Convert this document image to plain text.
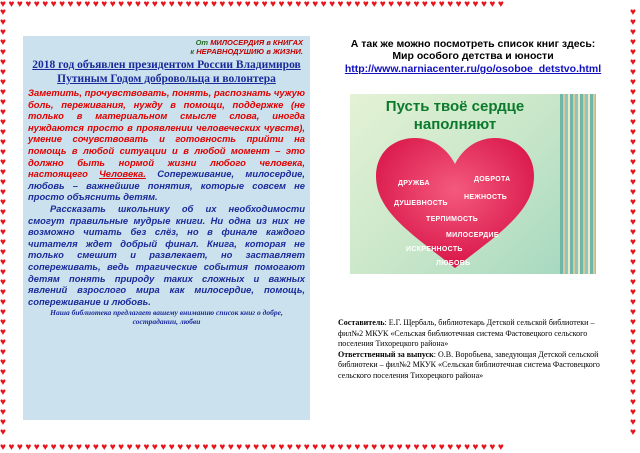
♥ ♥ ♥ ♥ ♥ ♥ ♥ ♥ ♥ ♥ ♥ ♥ ♥ ♥ ♥ ♥ ♥ ♥ ♥ ♥ ♥ ♥ ♥ ♥ ♥ ♥ ♥ ♥ ♥ ♥ ♥ ♥ ♥ ♥ ♥ ♥ ♥ ♥ ♥ ♥ ♥ ♥ ♥ ♥ ♥ ♥ ♥ ♥ ♥ ♥ ♥ ♥ ♥ ♥ ♥ ♥ ♥ ♥ ♥ ♥
♥ ♥ ♥ ♥ ♥ ♥ ♥ ♥ ♥ ♥ ♥ ♥ ♥ ♥ ♥ ♥ ♥ ♥ ♥ ♥ ♥ ♥ ♥ ♥ ♥ ♥ ♥ ♥ ♥ ♥ ♥ ♥ ♥ ♥ ♥ ♥ ♥ ♥ ♥ ♥ ♥ ♥ ♥ ♥ ♥ ♥ ♥ ♥ ♥ ♥ ♥ ♥ ♥ ♥ ♥ ♥ ♥ ♥ ♥ ♥
♥ ♥ ♥ ♥ ♥ ♥ ♥ ♥ ♥ ♥ ♥ ♥ ♥ ♥ ♥ ♥ ♥ ♥ ♥ ♥ ♥ ♥ ♥ ♥ ♥ ♥ ♥ ♥ ♥ ♥ ♥ ♥ ♥ ♥ ♥ ♥ ♥ ♥ ♥ ♥ ♥ ♥ ♥
♥ ♥ ♥ ♥ ♥ ♥ ♥ ♥ ♥ ♥ ♥ ♥ ♥ ♥ ♥ ♥ ♥ ♥ ♥ ♥ ♥ ♥ ♥ ♥ ♥ ♥ ♥ ♥ ♥ ♥ ♥ ♥ ♥ ♥ ♥ ♥ ♥ ♥ ♥ ♥ ♥ ♥ ♥
От МИЛОСЕРДИЯ в КНИГАХ
к НЕРАВНОДУШИЮ в ЖИЗНИ.
2018 год объявлен президентом России Владимиров Путиным Годом добровольца и волонтера

Заметить, прочувствовать, понять, распознать чужую боль, переживания, нужду в помощи, поддержке (не только в материальном смысле слова, иногда нуждаются просто в проявлении человеческих чувств), умение сочувствовать и готовность прийти на помощь в любой ситуации и в любой момент – это должно быть нормой жизни любого человека, настоящего Человека. Сопереживание, милосердие, любовь – важнейшие понятия, которые совсем не просто объяснить детям.

Рассказать школьнику об их необходимости смогут правильные мудрые книги. Ни одна из них не возможно читать без слёз, но в финале каждого читателя ждет добрый финал. Книга, которая не только смешит и развлекает, но заставляет сопереживать, ведь трагические события помогают детям понять природу таких сложных и важных явлений взрослого мира как милосердие, помощь, сопереживание и любовь.

Наша библиотека предлагает вашему вниманию список книг о добре, сострадании, любви
А так же можно посмотреть список книг здесь:
Мир особого детства и юности
http://www.narniacenter.ru/go/osoboe_detstvo.html
Пусть твоё сердце
наполняют
ДРУЖБА
ДОБРОТА
НЕЖНОСТЬ
ДУШЕВНОСТЬ
ТЕРПИМОСТЬ
МИЛОСЕРДИЕ
ИСКРЕННОСТЬ
ЛЮБОВЬ
Составитель: Е.Г. Щербаль, библиотекарь Детской сельской библиотеки – фил№2 МКУК «Сельская библиотечная система Фастовецкого сельского поселения Тихорецкого района»
Ответственный за выпуск: О.В. Воробьева, заведующая Детской сельской библиотеки – фил№2 МКУК «Сельская библиотечная система Фастовецкого сельского поселения Тихорецкого района»
